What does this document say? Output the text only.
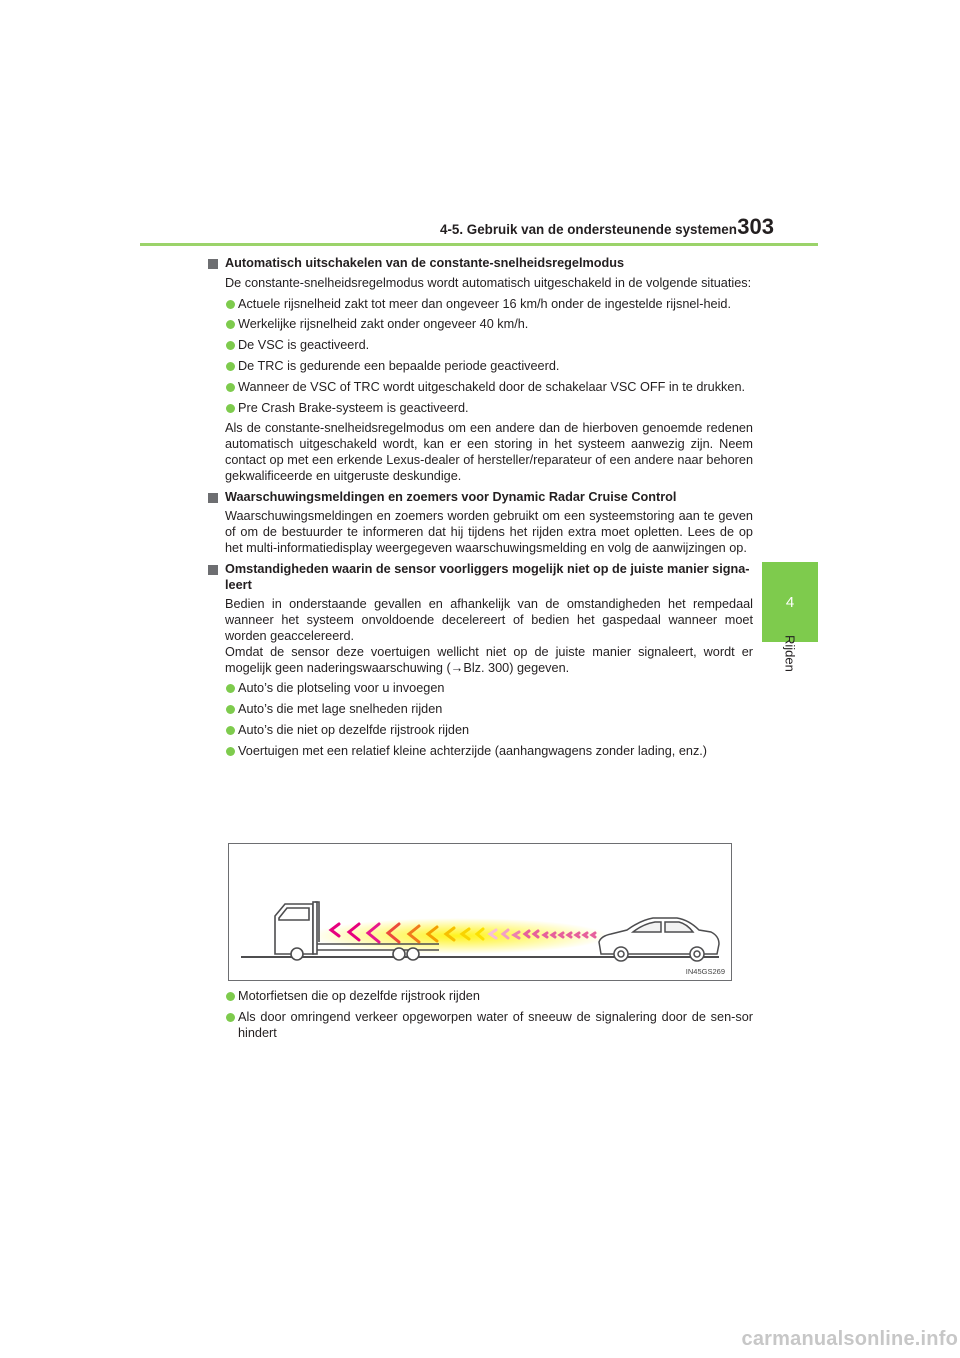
4-5. Gebruik van de ondersteunende systemen 303
4
Rijden
Automatisch uitschakelen van de constante-snelheidsregelmodus
De constante-snelheidsregelmodus wordt automatisch uitgeschakeld in de volgende situaties:
Actuele rijsnelheid zakt tot meer dan ongeveer 16 km/h onder de ingestelde rijsnel-heid.
Werkelijke rijsnelheid zakt onder ongeveer 40 km/h.
De VSC is geactiveerd.
De TRC is gedurende een bepaalde periode geactiveerd.
Wanneer de VSC of TRC wordt uitgeschakeld door de schakelaar VSC OFF in te drukken.
Pre Crash Brake-systeem is geactiveerd.
Als de constante-snelheidsregelmodus om een andere dan de hierboven genoemde redenen automatisch uitgeschakeld wordt, kan er een storing in het systeem aanwezig zijn. Neem contact op met een erkende Lexus-dealer of hersteller/reparateur of een andere naar behoren gekwalificeerde en uitgeruste deskundige.
Waarschuwingsmeldingen en zoemers voor Dynamic Radar Cruise Control
Waarschuwingsmeldingen en zoemers worden gebruikt om een systeemstoring aan te geven of om de bestuurder te informeren dat hij tijdens het rijden extra moet opletten. Lees de op het multi-informatiedisplay weergegeven waarschuwingsmelding en volg de aanwijzingen op.
Omstandigheden waarin de sensor voorliggers mogelijk niet op de juiste manier signa-leert
Bedien in onderstaande gevallen en afhankelijk van de omstandigheden het rempedaal wanneer het systeem onvoldoende decelereert of bedien het gaspedaal wanneer moet worden geaccelereerd.
Omdat de sensor deze voertuigen wellicht niet op de juiste manier signaleert, wordt er mogelijk geen naderingswaarschuwing (→Blz. 300) gegeven.
Auto’s die plotseling voor u invoegen
Auto’s die met lage snelheden rijden
Auto’s die niet op dezelfde rijstrook rijden
Voertuigen met een relatief kleine achterzijde (aanhangwagens zonder lading, enz.)
IN45GS269
Motorfietsen die op dezelfde rijstrook rijden
Als door omringend verkeer opgeworpen water of sneeuw de signalering door de sen-sor hindert
carmanualsonline.info
